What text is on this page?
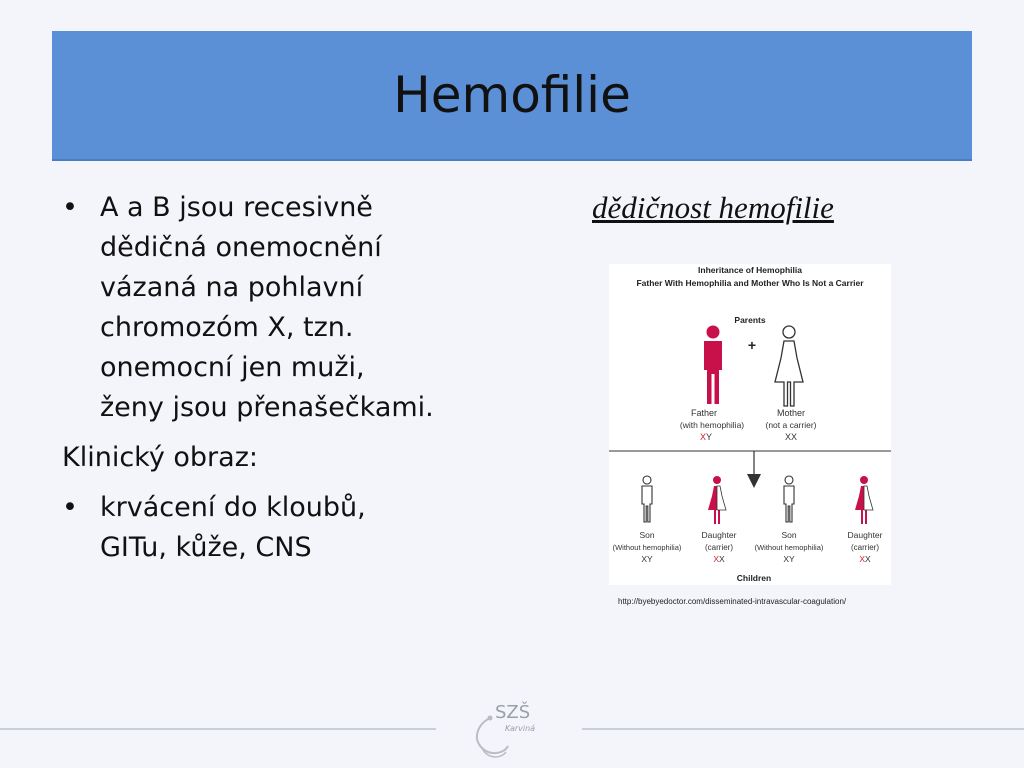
Hemofilie
• A a B jsou recesivně
dědičná onemocnění
vázaná na pohlavní
chromozóm X, tzn.
onemocní jen muži,
ženy jsou přenašečkami.
Klinický obraz:
• krvácení do kloubů,
GITu, kůže, CNS
dědičnost hemofilie
Inheritance of Hemophilia
Father With Hemophilia and Mother Who Is Not a Carrier
Parents
+
Father
(with hemophilia)
X Y
Mother
(not a carrier)
XX
Son
(Without hemophilia)
XY
Daughter
(carrier)
X X
Son
(Without hemophilia)
XY
Daughter
(carrier)
X X
Children
http://byebyedoctor.com/disseminated-intravascular-coagulation/
SZŠ
Karviná
